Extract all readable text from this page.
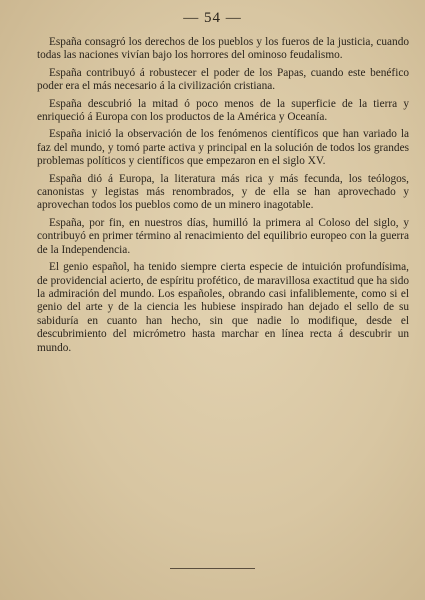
— 54 —

España consagró los derechos de los pueblos y los fueros de la justicia, cuando todas las naciones vivían bajo los horrores del ominoso feudalismo.

España contribuyó á robustecer el poder de los Papas, cuando este benéfico poder era el más necesario á la civilización cristiana.

España descubrió la mitad ó poco menos de la superficie de la tierra y enriqueció á Europa con los productos de la América y Oceanía.

España inició la observación de los fenómenos científicos que han variado la faz del mundo, y tomó parte activa y principal en la solución de todos los grandes problemas políticos y científicos que empezaron en el siglo XV.

España dió á Europa, la literatura más rica y más fecunda, los teólogos, canonistas y legistas más renombrados, y de ella se han aprovechado y aprovechan todos los pueblos como de un minero inagotable.

España, por fin, en nuestros días, humilló la primera al Coloso del siglo, y contribuyó en primer término al renacimiento del equilibrio europeo con la guerra de la Independencia.

El genio español, ha tenido siempre cierta especie de intuición profundísima, de providencial acierto, de espíritu profético, de maravillosa exactitud que ha sido la admiración del mundo. Los españoles, obrando casi infaliblemente, como si el genio del arte y de la ciencia les hubiese inspirado han dejado el sello de su sabiduría en cuanto han hecho, sin que nadie lo modifique, desde el descubrimiento del micrómetro hasta marchar en línea recta á descubrir un mundo.
